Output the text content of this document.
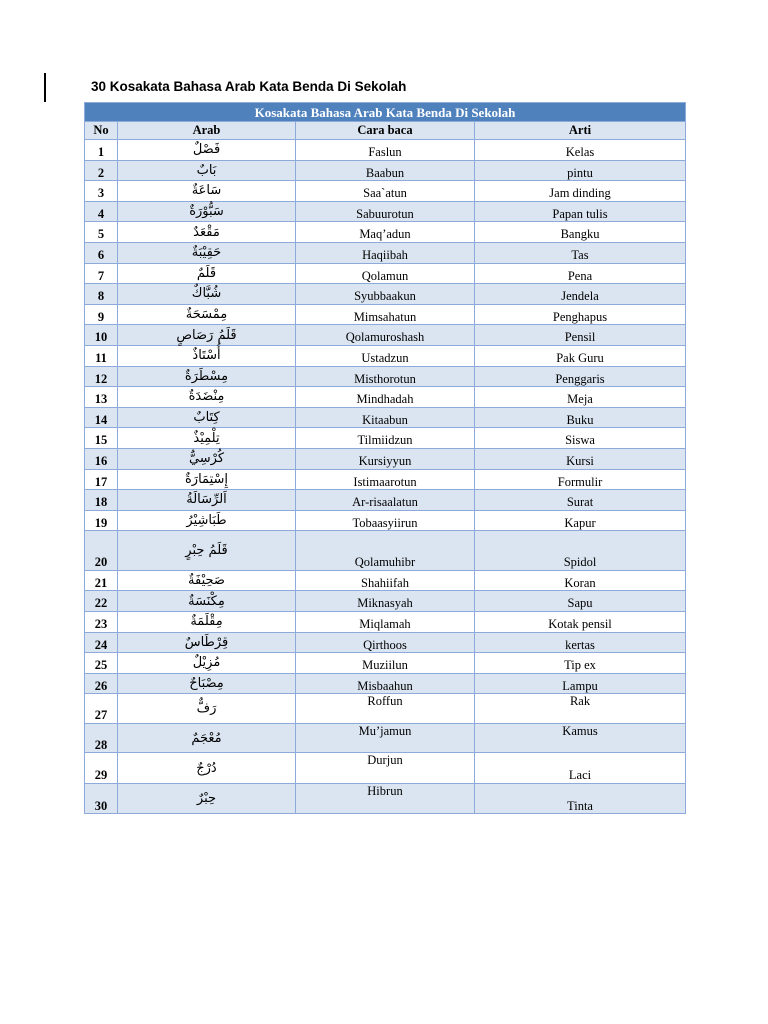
30 Kosakata Bahasa Arab Kata Benda Di Sekolah
Kosakata Bahasa Arab Kata Benda Di Sekolah			
No	Arab	Cara baca	Arti
1	فَصْلٌ	Faslun	Kelas
2	بَابٌ	Baabun	pintu
3	سَاعَةٌ	Saa`atun	Jam dinding
4	سَبُّوْرَةٌ	Sabuurotun	Papan tulis
5	مَقْعَدٌ	Maq’adun	Bangku
6	حَقِيْبَةٌ	Haqiibah	Tas
7	قَلَمٌ	Qolamun	Pena
8	شُبَّاكٌ	Syubbaakun	Jendela
9	مِمْسَحَةٌ	Mimsahatun	Penghapus
10	قَلَمُ رَصَاصٍ	Qolamuroshash	Pensil
11	أُسْتَاذٌ	Ustadzun	Pak Guru
12	مِسْطَرَةٌ	Misthorotun	Penggaris
13	مِنْضَدَةٌ	Mindhadah	Meja
14	كِتَابٌ	Kitaabun	Buku
15	تِلْمِيْذٌ	Tilmiidzun	Siswa
16	كُرْسِيٌّ	Kursiyyun	Kursi
17	إِسْتِمَارَةٌ	Istimaarotun	Formulir
18	اَلرِّسَالَةُ	Ar-risaalatun	Surat
19	طَبَاشِيْرُ	Tobaasyiirun	Kapur
20	قَلَمُ حِبْرٍ	Qolamuhibr	Spidol
21	صَحِيْفَةٌ	Shahiifah	Koran
22	مِكْنَسَةٌ	Miknasyah	Sapu
23	مِقْلَمَةٌ	Miqlamah	Kotak pensil
24	قِرْطَاسٌ	Qirthoos	kertas
25	مُزِيْلٌ	Muziilun	Tip ex
26	مِصْبَاحٌ	Misbaahun	Lampu
27	رَفٌّ	Roffun	Rak
28	مُعْجَمٌ	Mu’jamun	Kamus
29	دُرْجٌ	Durjun	Laci
30	حِبْرٌ	Hibrun	Tinta
